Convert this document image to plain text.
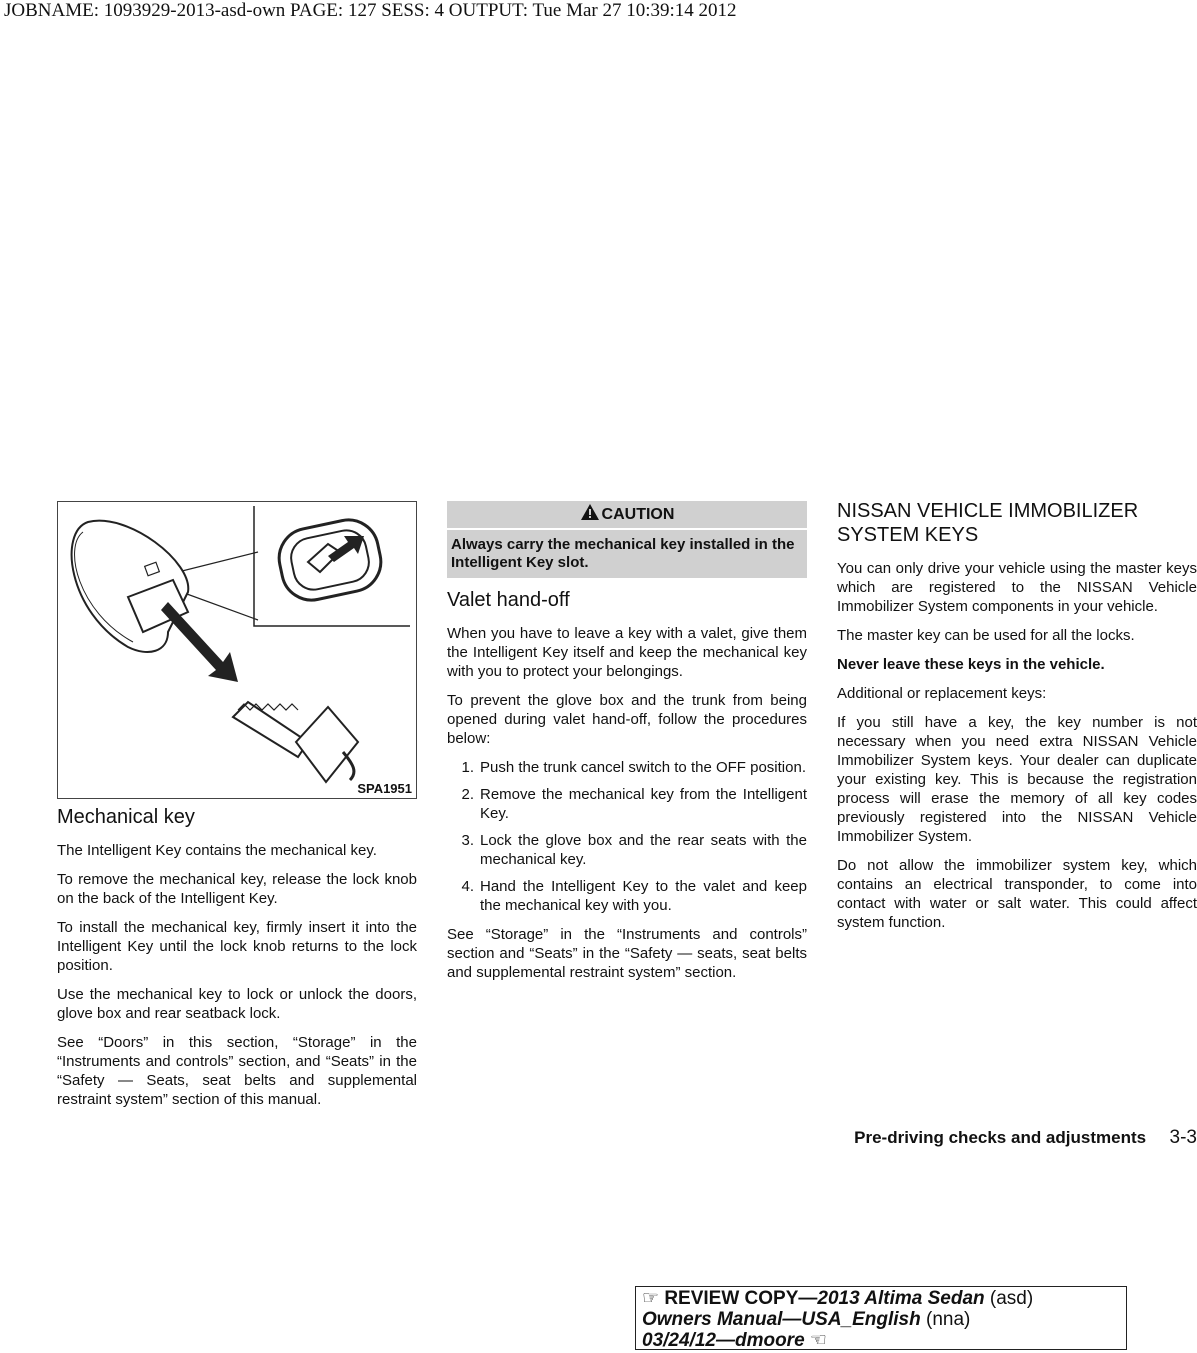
JOBNAME: 1093929-2013-asd-own PAGE: 127 SESS: 4 OUTPUT: Tue Mar 27 10:39:14 2012
SPA1951
Mechanical key

The Intelligent Key contains the mechanical key.

To remove the mechanical key, release the lock knob on the back of the Intelligent Key.

To install the mechanical key, firmly insert it into the Intelligent Key until the lock knob returns to the lock position.

Use the mechanical key to lock or unlock the doors, glove box and rear seatback lock.

See “Doors” in this section, “Storage” in the “Instruments and controls” section, and “Seats” in the “Safety — Seats, seat belts and supplemental restraint system” section of this manual.

CAUTION
Always carry the mechanical key installed in the Intelligent Key slot.
Valet hand-off

When you have to leave a key with a valet, give them the Intelligent Key itself and keep the mechanical key with you to protect your belongings.

To prevent the glove box and the trunk from being opened during valet hand-off, follow the procedures below:

1. Push the trunk cancel switch to the OFF position.
2. Remove the mechanical key from the Intelligent Key.
3. Lock the glove box and the rear seats with the mechanical key.
4. Hand the Intelligent Key to the valet and keep the mechanical key with you.

See “Storage” in the “Instruments and controls” section and “Seats” in the “Safety — seats, seat belts and supplemental restraint system” section.

NISSAN VEHICLE IMMOBILIZER SYSTEM KEYS

You can only drive your vehicle using the master keys which are registered to the NISSAN Vehicle Immobilizer System components in your vehicle.

The master key can be used for all the locks.

Never leave these keys in the vehicle.

Additional or replacement keys:

If you still have a key, the key number is not necessary when you need extra NISSAN Vehicle Immobilizer System keys. Your dealer can duplicate your existing key. This is because the registration process will erase the memory of all key codes previously registered into the NISSAN Vehicle Immobilizer System.

Do not allow the immobilizer system key, which contains an electrical transponder, to come into contact with water or salt water. This could affect system function.

Pre-driving checks and adjustments 3-3
☞ REVIEW COPY—2013 Altima Sedan (asd)
Owners Manual—USA_English (nna)
03/24/12—dmoore ☜
